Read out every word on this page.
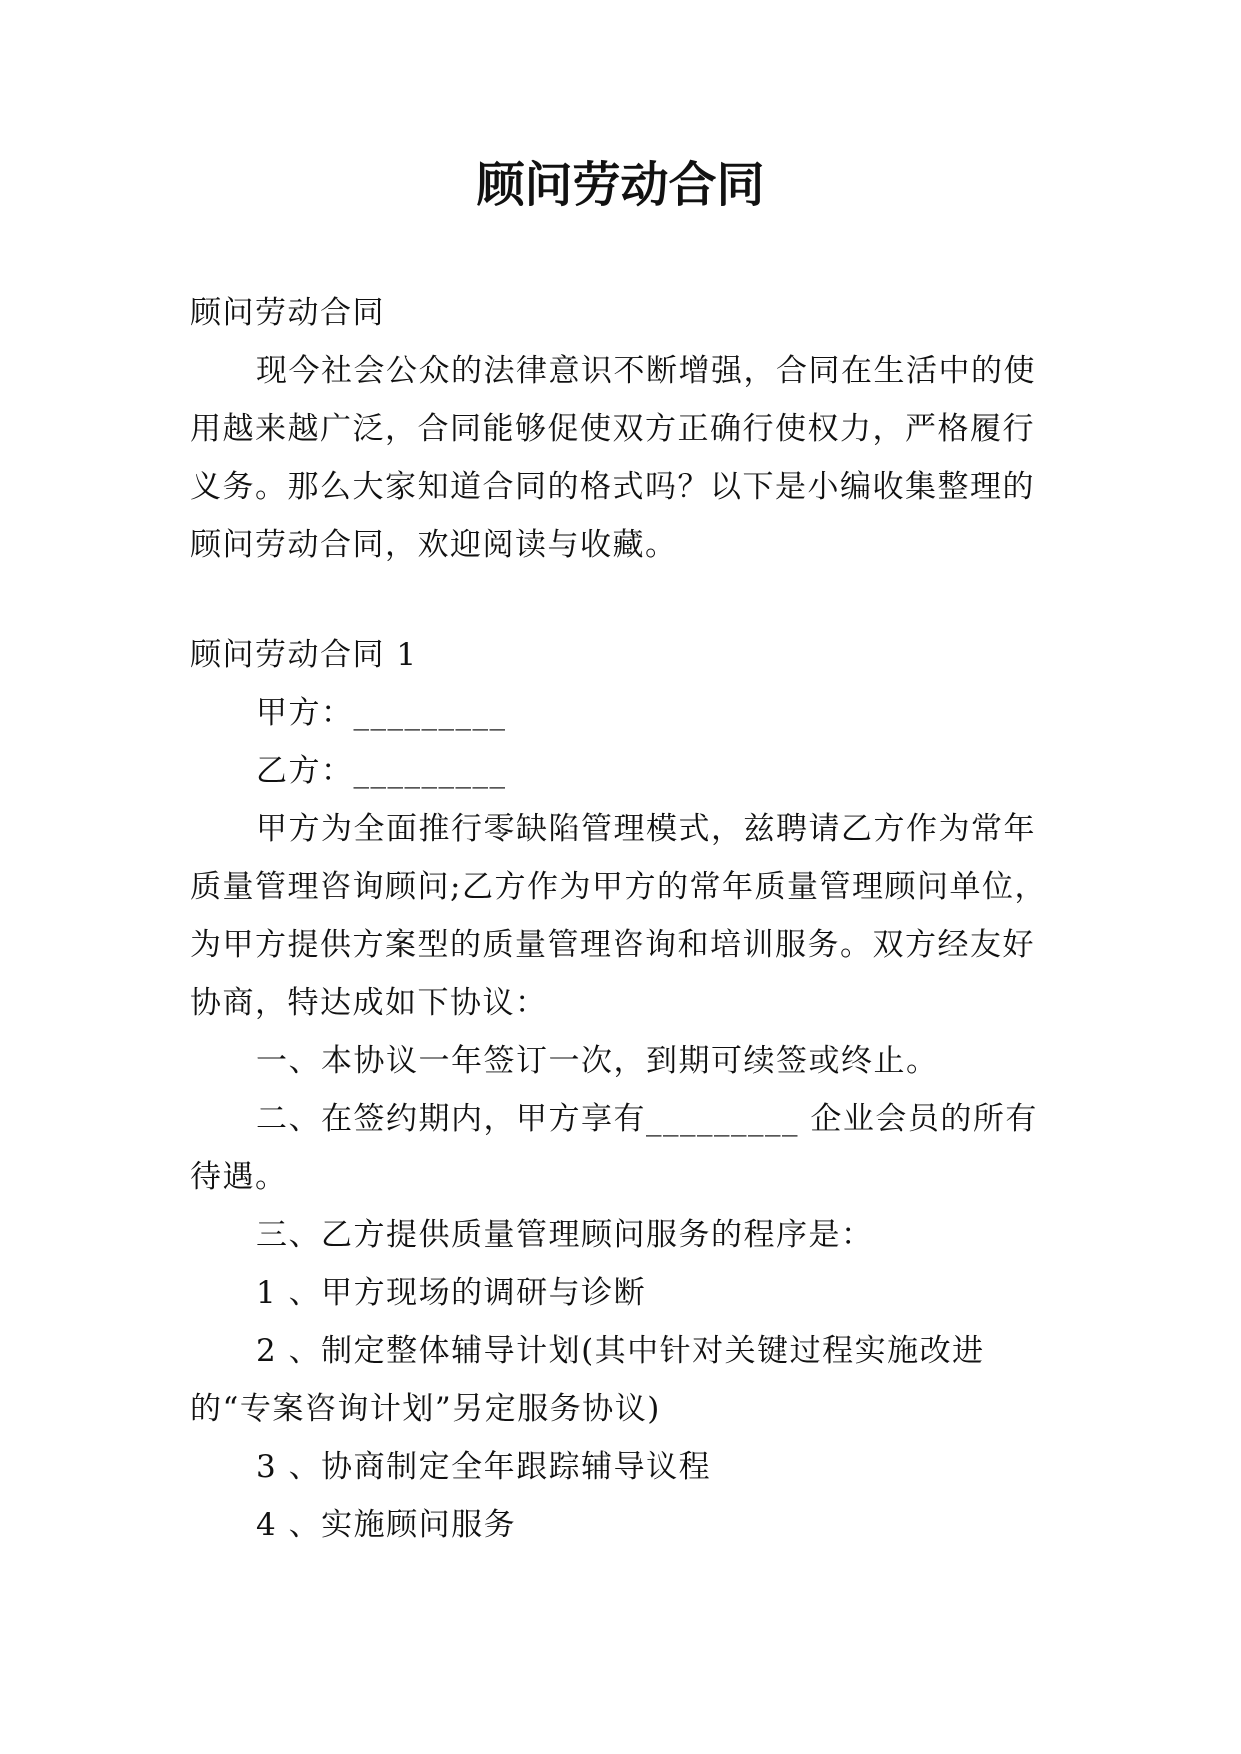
顾问劳动合同

顾问劳动合同

现今社会公众的法律意识不断增强，合同在生活中的使用越来越广泛，合同能够促使双方正确行使权力，严格履行义务。那么大家知道合同的格式吗？以下是小编收集整理的顾问劳动合同，欢迎阅读与收藏。

顾问劳动合同 1

甲方：_________

乙方：_________

甲方为全面推行零缺陷管理模式，兹聘请乙方作为常年质量管理咨询顾问;乙方作为甲方的常年质量管理顾问单位，为甲方提供方案型的质量管理咨询和培训服务。双方经友好协商，特达成如下协议：

一、本协议一年签订一次，到期可续签或终止。

二、在签约期内，甲方享有_________ 企业会员的所有待遇。

三、乙方提供质量管理顾问服务的程序是：

1 、甲方现场的调研与诊断

2 、制定整体辅导计划(其中针对关键过程实施改进的“专案咨询计划”另定服务协议)

3 、协商制定全年跟踪辅导议程

4 、实施顾问服务
